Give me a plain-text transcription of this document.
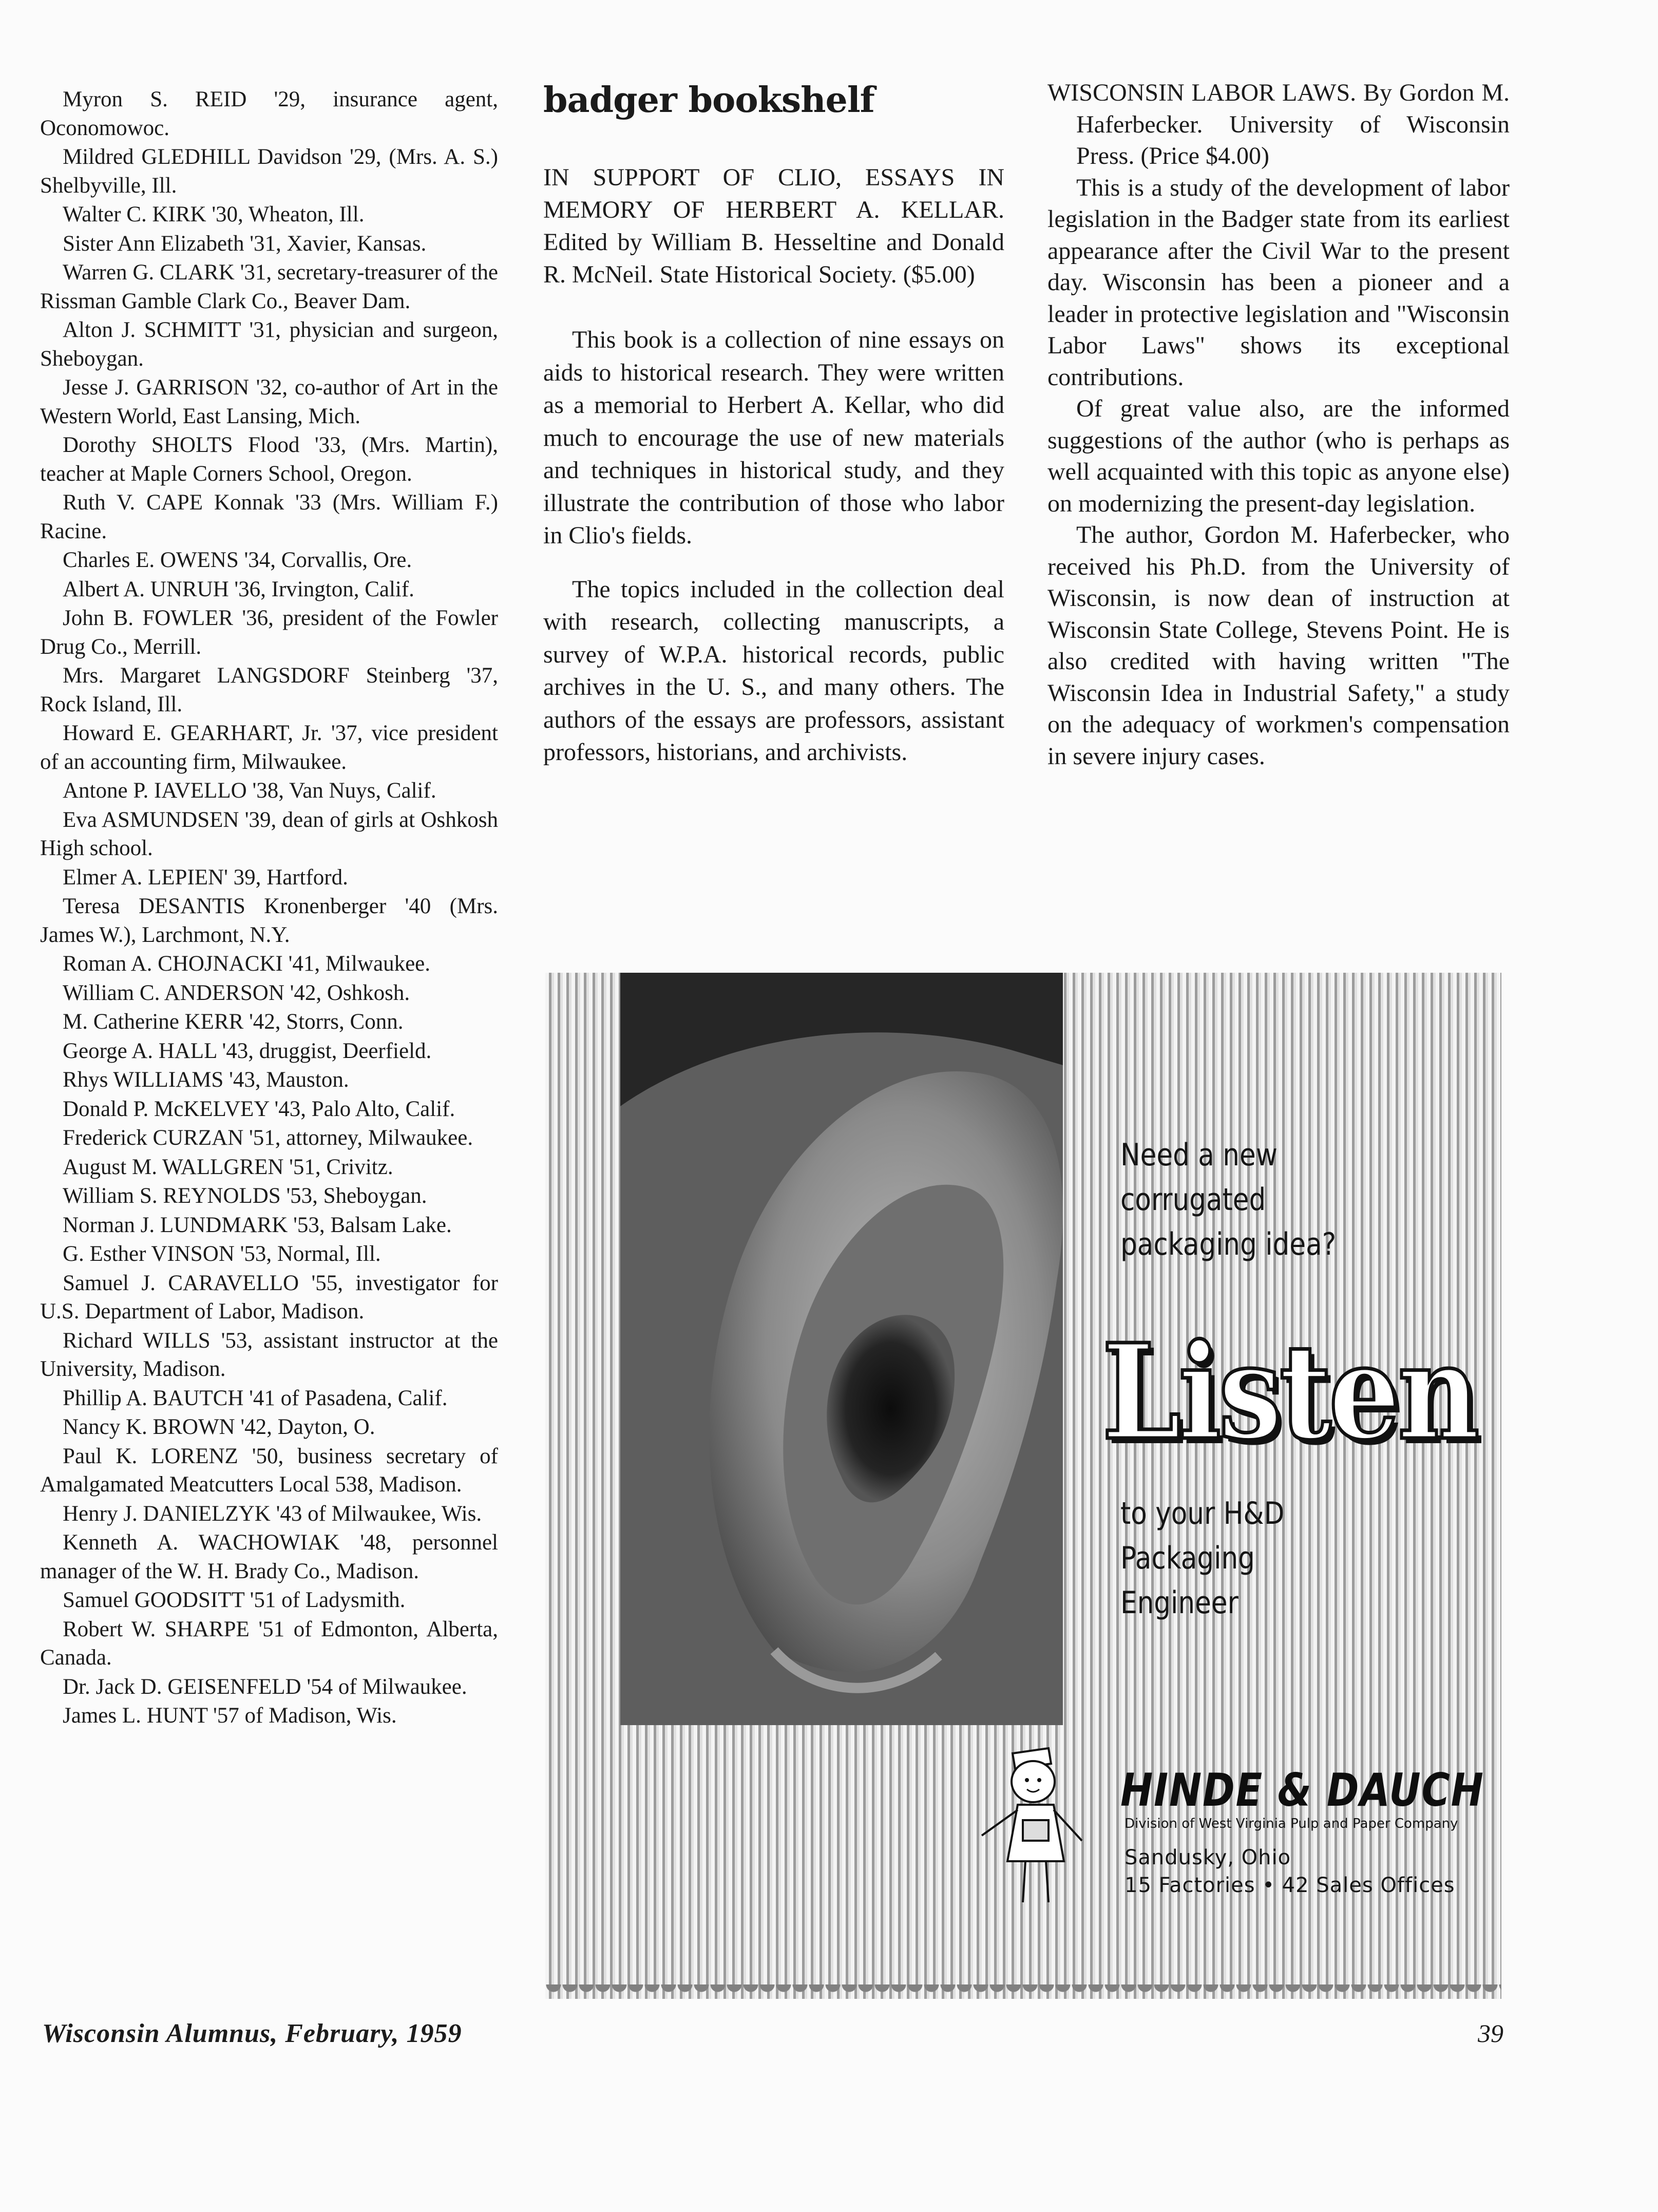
Myron S. REID '29, insurance agent, Oconomowoc.

Mildred GLEDHILL Davidson '29, (Mrs. A. S.) Shelbyville, Ill.

Walter C. KIRK '30, Wheaton, Ill.

Sister Ann Elizabeth '31, Xavier, Kansas.

Warren G. CLARK '31, secretary-treasurer of the Rissman Gamble Clark Co., Beaver Dam.

Alton J. SCHMITT '31, physician and surgeon, Sheboygan.

Jesse J. GARRISON '32, co-author of Art in the Western World, East Lansing, Mich.

Dorothy SHOLTS Flood '33, (Mrs. Martin), teacher at Maple Corners School, Oregon.

Ruth V. CAPE Konnak '33 (Mrs. William F.) Racine.

Charles E. OWENS '34, Corvallis, Ore.

Albert A. UNRUH '36, Irvington, Calif.

John B. FOWLER '36, president of the Fowler Drug Co., Merrill.

Mrs. Margaret LANGSDORF Steinberg '37, Rock Island, Ill.

Howard E. GEARHART, Jr. '37, vice president of an accounting firm, Milwaukee.

Antone P. IAVELLO '38, Van Nuys, Calif.

Eva ASMUNDSEN '39, dean of girls at Oshkosh High school.

Elmer A. LEPIEN' 39, Hartford.

Teresa DESANTIS Kronenberger '40 (Mrs. James W.), Larchmont, N.Y.

Roman A. CHOJNACKI '41, Milwaukee.

William C. ANDERSON '42, Oshkosh.

M. Catherine KERR '42, Storrs, Conn.

George A. HALL '43, druggist, Deerfield.

Rhys WILLIAMS '43, Mauston.

Donald P. McKELVEY '43, Palo Alto, Calif.

Frederick CURZAN '51, attorney, Milwaukee.

August M. WALLGREN '51, Crivitz.

William S. REYNOLDS '53, Sheboygan.

Norman J. LUNDMARK '53, Balsam Lake.

G. Esther VINSON '53, Normal, Ill.

Samuel J. CARAVELLO '55, investigator for U.S. Department of Labor, Madison.

Richard WILLS '53, assistant instructor at the University, Madison.

Phillip A. BAUTCH '41 of Pasadena, Calif.

Nancy K. BROWN '42, Dayton, O.

Paul K. LORENZ '50, business secretary of Amalgamated Meatcutters Local 538, Madison.

Henry J. DANIELZYK '43 of Milwaukee, Wis.

Kenneth A. WACHOWIAK '48, personnel manager of the W. H. Brady Co., Madison.

Samuel GOODSITT '51 of Ladysmith.

Robert W. SHARPE '51 of Edmonton, Alberta, Canada.

Dr. Jack D. GEISENFELD '54 of Milwaukee.

James L. HUNT '57 of Madison, Wis.

badger bookshelf
IN SUPPORT OF CLIO, ESSAYS IN MEMORY OF HERBERT A. KELLAR. Edited by William B. Hesseltine and Donald R. McNeil. State Historical Society. ($5.00)

This book is a collection of nine essays on aids to historical research. They were written as a memorial to Herbert A. Kellar, who did much to encourage the use of new materials and techniques in historical study, and they illustrate the contribution of those who labor in Clio's fields.

The topics included in the collection deal with research, collecting manuscripts, a survey of W.P.A. historical records, public archives in the U. S., and many others. The authors of the essays are professors, assistant professors, historians, and archivists.

WISCONSIN LABOR LAWS. By Gordon M. Haferbecker. University of Wisconsin Press. (Price $4.00)

This is a study of the development of labor legislation in the Badger state from its earliest appearance after the Civil War to the present day. Wisconsin has been a pioneer and a leader in protective legislation and "Wisconsin Labor Laws" shows its exceptional contributions.

Of great value also, are the informed suggestions of the author (who is perhaps as well acquainted with this topic as anyone else) on modernizing the present-day legislation.

The author, Gordon M. Haferbecker, who received his Ph.D. from the University of Wisconsin, is now dean of instruction at Wisconsin State College, Stevens Point. He is also credited with having written "The Wisconsin Idea in Industrial Safety," a study on the adequacy of workmen's compensation in severe injury cases.

Need a new corrugated packaging idea?

Listen

to your H&D Packaging Engineer

HINDE & DAUCH
Division of West Virginia Pulp and Paper Company
Sandusky, Ohio
15 Factories • 42 Sales Offices
Wisconsin Alumnus, February, 1959	39
